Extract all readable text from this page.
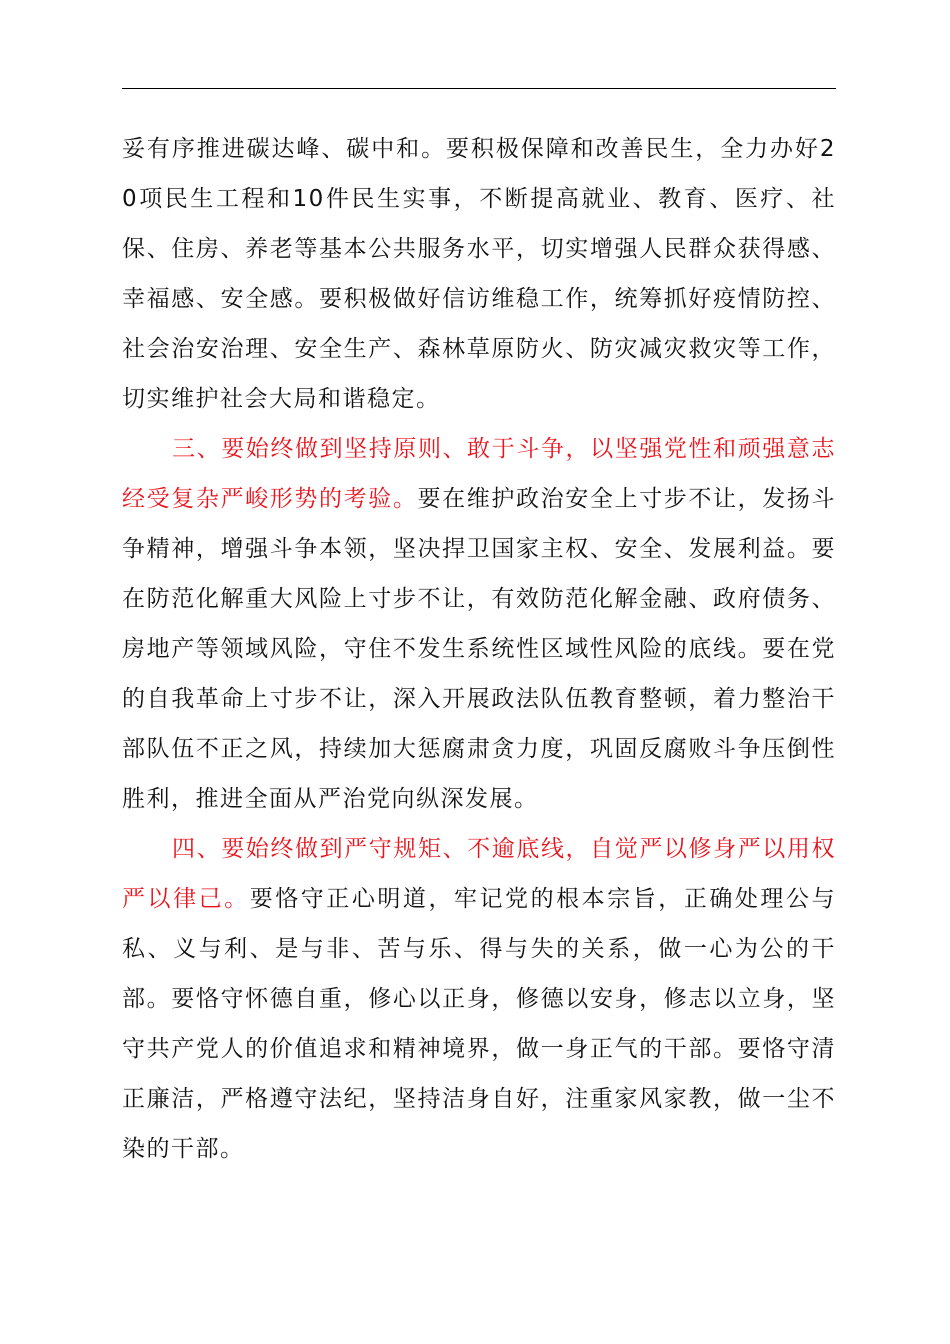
妥有序推进碳达峰、碳中和。要积极保障和改善民生，全力办好20项民生工程和10件民生实事，不断提高就业、教育、医疗、社保、住房、养老等基本公共服务水平，切实增强人民群众获得感、幸福感、安全感。要积极做好信访维稳工作，统筹抓好疫情防控、社会治安治理、安全生产、森林草原防火、防灾减灾救灾等工作，切实维护社会大局和谐稳定。

三、要始终做到坚持原则、敢于斗争，以坚强党性和顽强意志经受复杂严峻形势的考验。要在维护政治安全上寸步不让，发扬斗争精神，增强斗争本领，坚决捍卫国家主权、安全、发展利益。要在防范化解重大风险上寸步不让，有效防范化解金融、政府债务、房地产等领域风险，守住不发生系统性区域性风险的底线。要在党的自我革命上寸步不让，深入开展政法队伍教育整顿，着力整治干部队伍不正之风，持续加大惩腐肃贪力度，巩固反腐败斗争压倒性胜利，推进全面从严治党向纵深发展。

四、要始终做到严守规矩、不逾底线，自觉严以修身严以用权严以律己。要恪守正心明道，牢记党的根本宗旨，正确处理公与私、义与利、是与非、苦与乐、得与失的关系，做一心为公的干部。要恪守怀德自重，修心以正身，修德以安身，修志以立身，坚守共产党人的价值追求和精神境界，做一身正气的干部。要恪守清正廉洁，严格遵守法纪，坚持洁身自好，注重家风家教，做一尘不染的干部。
